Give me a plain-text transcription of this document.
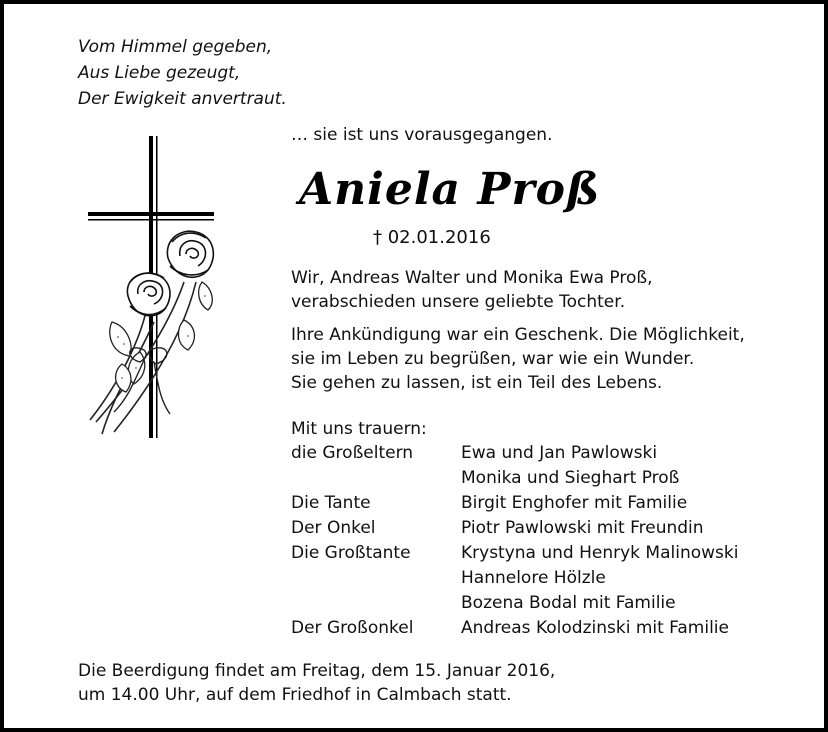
Vom Himmel gegeben,
Aus Liebe gezeugt,
Der Ewigkeit anvertraut.

… sie ist uns vorausgegangen.

Aniela Proß

† 02.01.2016

Wir, Andreas Walter und Monika Ewa Proß,
verabschieden unsere geliebte Tochter.

Ihre Ankündigung war ein Geschenk. Die Möglichkeit,
sie im Leben zu begrüßen, war wie ein Wunder.
Sie gehen zu lassen, ist ein Teil des Lebens.

Mit uns trauern:

die Großeltern	Ewa und Jan Pawlowski
Monika und Sieghart Proß
Die Tante	Birgit Enghofer mit Familie
Der Onkel	Piotr Pawlowski mit Freundin
Die Großtante	Krystyna und Henryk Malinowski
Hannelore Hölzle
Bozena Bodal mit Familie
Der Großonkel	Andreas Kolodzinski mit Familie

Die Beerdigung findet am Freitag, dem 15. Januar 2016,
um 14.00 Uhr, auf dem Friedhof in Calmbach statt.
